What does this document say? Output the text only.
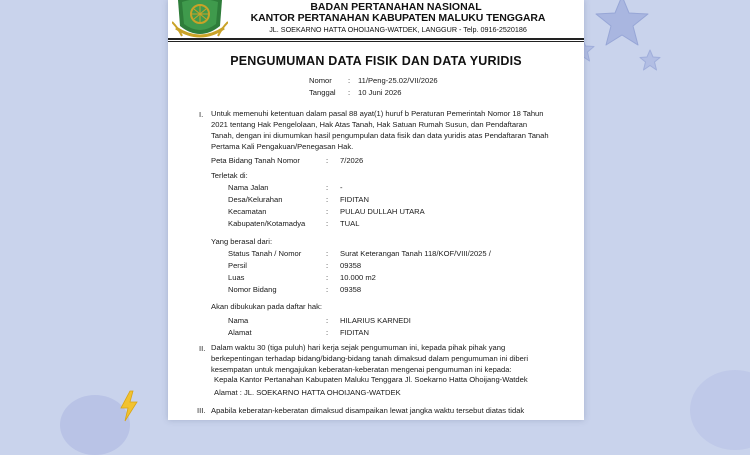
BADAN PERTANAHAN NASIONAL
KANTOR PERTANAHAN KABUPATEN MALUKU TENGGARA
JL. SOEKARNO HATTA OHOIJANG-WATDEK, LANGGUR - Telp. 0916-2520186
PENGUMUMAN DATA FISIK DAN DATA YURIDIS
Nomor : 11/Peng-25.02/VII/2026
Tanggal : 10 Juni 2026
I. Untuk memenuhi ketentuan dalam pasal 88 ayat(1) huruf b Peraturan Pemerintah Nomor 18 Tahun 2021 tentang Hak Pengelolaan, Hak Atas Tanah, Hak Satuan Rumah Susun, dan Pendaftaran Tanah, dengan ini diumumkan hasil pengumpulan data fisik dan data yuridis atas Pendaftaran Tanah Pertama Kali Pengakuan/Penegasan Hak.
Peta Bidang Tanah Nomor	: 7/2026
Terletak di:
Nama Jalan	: -
Desa/Kelurahan	: FIDITAN
Kecamatan	: PULAU DULLAH UTARA
Kabupaten/Kotamadya	: TUAL
Yang berasal dari:
Status Tanah / Nomor	: Surat Keterangan Tanah 118/KOF/VIII/2025 /
Persil	: 09358
Luas	: 10.000 m2
Nomor Bidang	: 09358
Akan dibukukan pada daftar hak:
Nama	: HILARIUS KARNEDI
Alamat	: FIDITAN
II. Dalam waktu 30 (tiga puluh) hari kerja sejak pengumuman ini, kepada pihak pihak yang berkepentingan terhadap bidang/bidang-bidang tanah dimaksud dalam pengumuman ini diberi kesempatan untuk mengajukan keberatan-keberatan mengenai pengumuman ini kepada:
Kepala Kantor Pertanahan Kabupaten Maluku Tenggara Jl. Soekarno Hatta Ohoijang-Watdek
Alamat : JL. SOEKARNO HATTA OHOIJANG-WATDEK
III. Apabila keberatan-keberatan dimaksud disampaikan lewat jangka waktu tersebut diatas tidak
